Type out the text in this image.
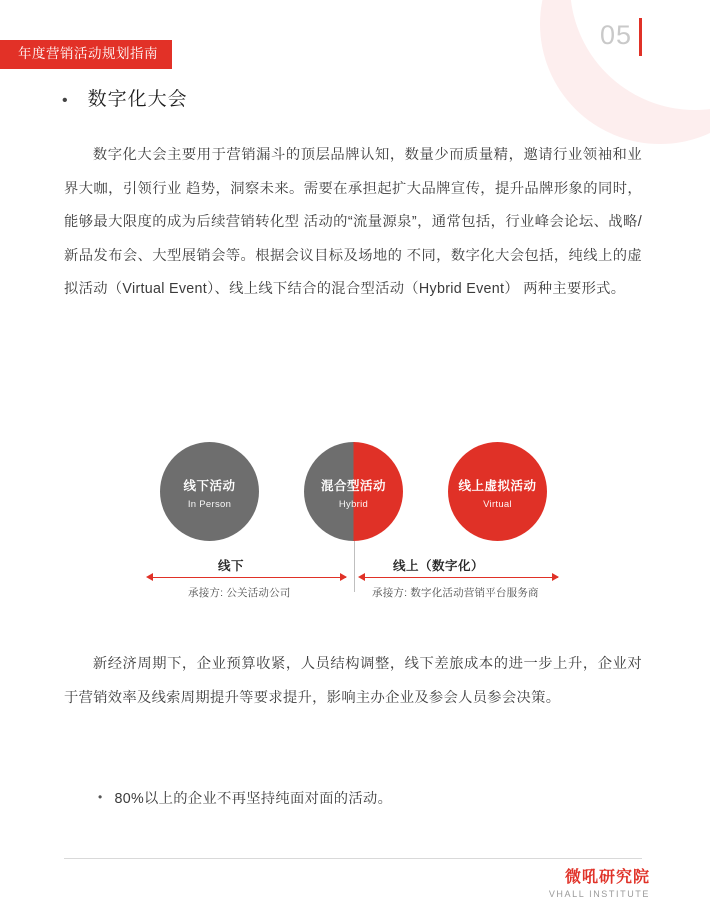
05
年度营销活动规划指南
• 数字化大会
数字化大会主要用于营销漏斗的顶层品牌认知，数量少而质量精，邀请行业领袖和业界大咖，引领行业 趋势，洞察未来。需要在承担起扩大品牌宣传，提升品牌形象的同时，能够最大限度的成为后续营销转化型 活动的“流量源泉”，通常包括，行业峰会论坛、战略/新品发布会、大型展销会等。根据会议目标及场地的 不同，数字化大会包括，纯线上的虚拟活动（Virtual Event）、线上线下结合的混合型活动（Hybrid Event） 两种主要形式。
线下活动
In Person
混合型活动
Hybrid
线上虚拟活动
Virtual
线下	线上（数字化）
承接方: 公关活动公司	承接方: 数字化活动营销平台服务商
新经济周期下，企业预算收紧，人员结构调整，线下差旅成本的进一步上升，企业对于营销效率及线索周期提升等要求提升，影响主办企业及参会人员参会决策。
• 80%以上的企业不再坚持纯面对面的活动。
微吼研究院
VHALL INSTITUTE
